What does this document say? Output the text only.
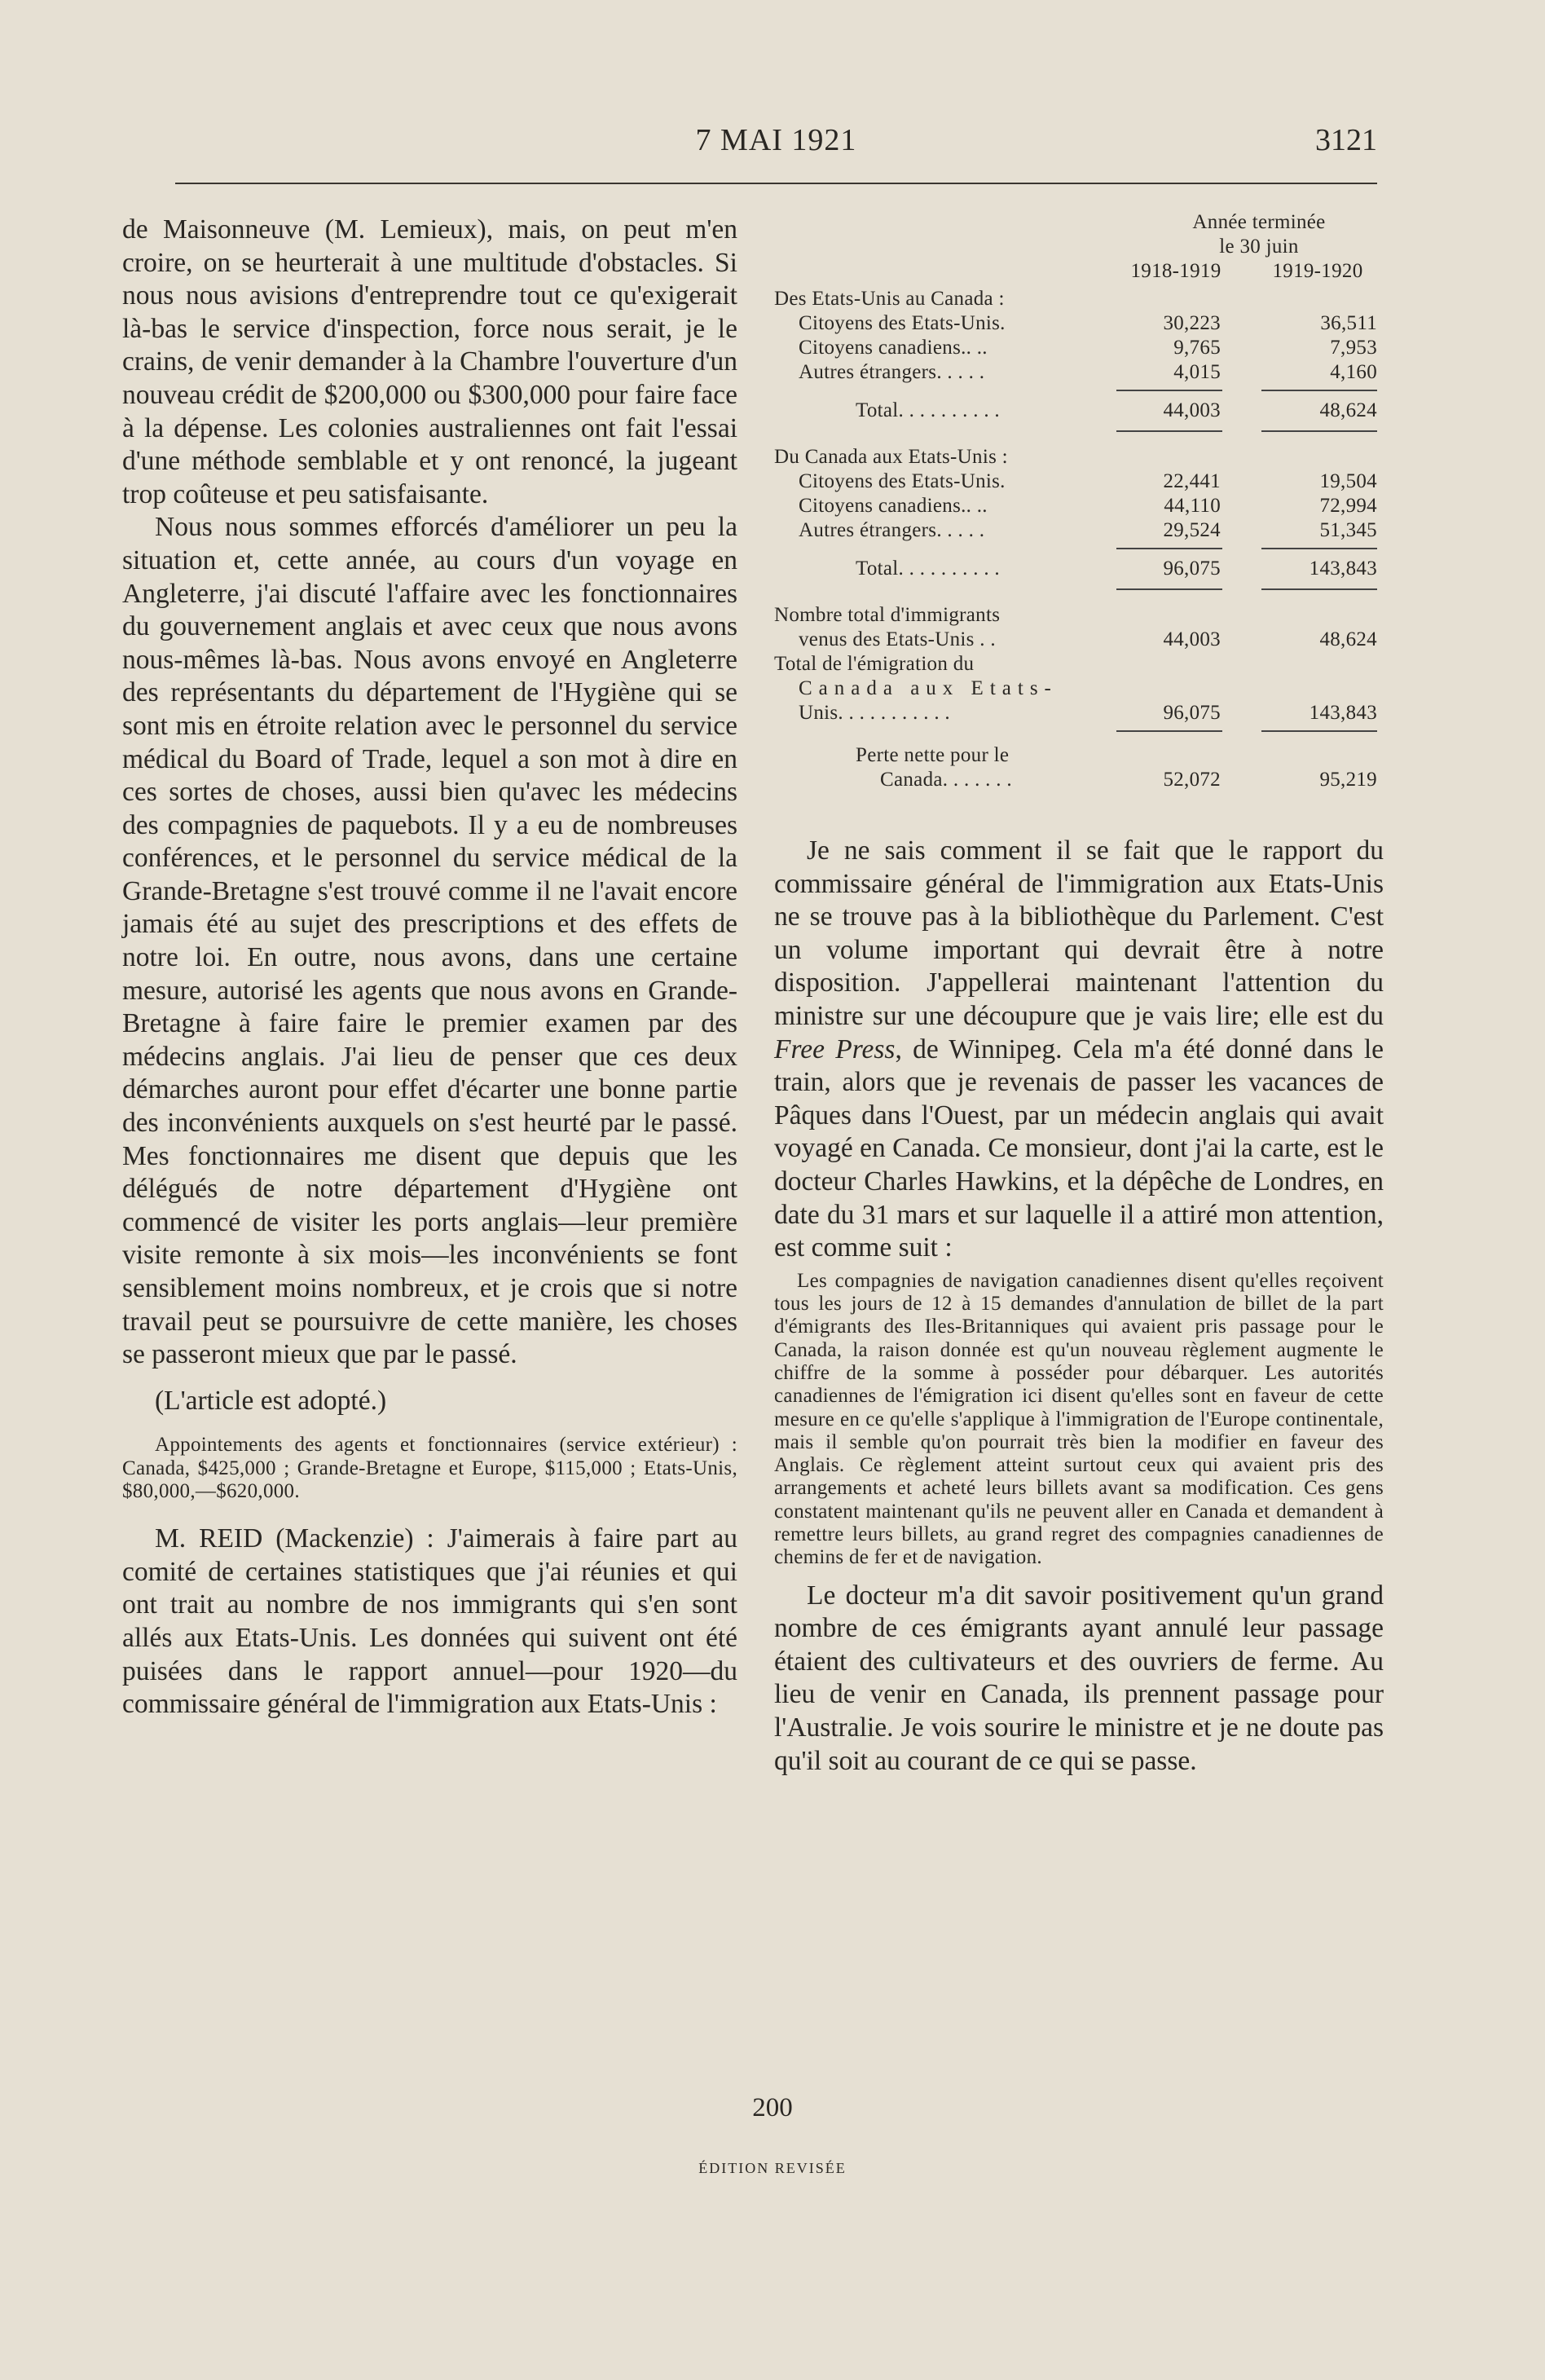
7 MAI 1921	3121

de Maisonneuve (M. Lemieux), mais, on peut m'en croire, on se heurterait à une multitude d'obstacles. Si nous nous avisions d'entreprendre tout ce qu'exigerait là-bas le service d'inspection, force nous serait, je le crains, de venir demander à la Chambre l'ouverture d'un nouveau crédit de $200,000 ou $300,000 pour faire face à la dépense. Les colonies australiennes ont fait l'essai d'une méthode semblable et y ont renoncé, la jugeant trop coûteuse et peu satisfaisante.

Nous nous sommes efforcés d'améliorer un peu la situation et, cette année, au cours d'un voyage en Angleterre, j'ai discuté l'affaire avec les fonctionnaires du gouvernement anglais et avec ceux que nous avons nous-mêmes là-bas. Nous avons envoyé en Angleterre des représentants du département de l'Hygiène qui se sont mis en étroite relation avec le personnel du service médical du Board of Trade, lequel a son mot à dire en ces sortes de choses, aussi bien qu'avec les médecins des compagnies de paquebots. Il y a eu de nombreuses conférences, et le personnel du service médical de la Grande-Bretagne s'est trouvé comme il ne l'avait encore jamais été au sujet des prescriptions et des effets de notre loi. En outre, nous avons, dans une certaine mesure, autorisé les agents que nous avons en Grande-Bretagne à faire faire le premier examen par des médecins anglais. J'ai lieu de penser que ces deux démarches auront pour effet d'écarter une bonne partie des inconvénients auxquels on s'est heurté par le passé. Mes fonctionnaires me disent que depuis que les délégués de notre département d'Hygiène ont commencé de visiter les ports anglais—leur première visite remonte à six mois—les inconvénients se font sensiblement moins nombreux, et je crois que si notre travail peut se poursuivre de cette manière, les choses se passeront mieux que par le passé.

(L'article est adopté.)

Appointements des agents et fonctionnaires (service extérieur) : Canada, $425,000 ; Grande-Bretagne et Europe, $115,000 ; Etats-Unis, $80,000,—$620,000.

M. REID (Mackenzie) : J'aimerais à faire part au comité de certaines statistiques que j'ai réunies et qui ont trait au nombre de nos immigrants qui s'en sont allés aux Etats-Unis. Les données qui suivent ont été puisées dans le rapport annuel—pour 1920—du commissaire général de l'immigration aux Etats-Unis :

Année terminée
le 30 juin
1918-1919	1919-1920
Des Etats-Unis au Canada :
Citoyens des Etats-Unis.	30,223	36,511
Citoyens canadiens.. ..	9,765	7,953
Autres étrangers. . . . .	4,015	4,160
Total. . . . . . . . . .	44,003	48,624
Du Canada aux Etats-Unis :
Citoyens des Etats-Unis.	22,441	19,504
Citoyens canadiens.. ..	44,110	72,994
Autres étrangers. . . . .	29,524	51,345
Total. . . . . . . . . .	96,075	143,843
Nombre total d'immigrants
venus des Etats-Unis . .	44,003	48,624
Total de l'émigration du
Canada aux Etats-
Unis. . . . . . . . . . .	96,075	143,843
Perte nette pour le
Canada. . . . . . .	52,072	95,219

Je ne sais comment il se fait que le rapport du commissaire général de l'immigration aux Etats-Unis ne se trouve pas à la bibliothèque du Parlement. C'est un volume important qui devrait être à notre disposition. J'appellerai maintenant l'attention du ministre sur une découpure que je vais lire; elle est du Free Press, de Winnipeg. Cela m'a été donné dans le train, alors que je revenais de passer les vacances de Pâques dans l'Ouest, par un médecin anglais qui avait voyagé en Canada. Ce monsieur, dont j'ai la carte, est le docteur Charles Hawkins, et la dépêche de Londres, en date du 31 mars et sur laquelle il a attiré mon attention, est comme suit :

Les compagnies de navigation canadiennes disent qu'elles reçoivent tous les jours de 12 à 15 demandes d'annulation de billet de la part d'émigrants des Iles-Britanniques qui avaient pris passage pour le Canada, la raison donnée est qu'un nouveau règlement augmente le chiffre de la somme à posséder pour débarquer. Les autorités canadiennes de l'émigration ici disent qu'elles sont en faveur de cette mesure en ce qu'elle s'applique à l'immigration de l'Europe continentale, mais il semble qu'on pourrait très bien la modifier en faveur des Anglais. Ce règlement atteint surtout ceux qui avaient pris des arrangements et acheté leurs billets avant sa modification. Ces gens constatent maintenant qu'ils ne peuvent aller en Canada et demandent à remettre leurs billets, au grand regret des compagnies canadiennes de chemins de fer et de navigation.

Le docteur m'a dit savoir positivement qu'un grand nombre de ces émigrants ayant annulé leur passage étaient des cultivateurs et des ouvriers de ferme. Au lieu de venir en Canada, ils prennent passage pour l'Australie. Je vois sourire le ministre et je ne doute pas qu'il soit au courant de ce qui se passe.

200
ÉDITION REVISÉE
